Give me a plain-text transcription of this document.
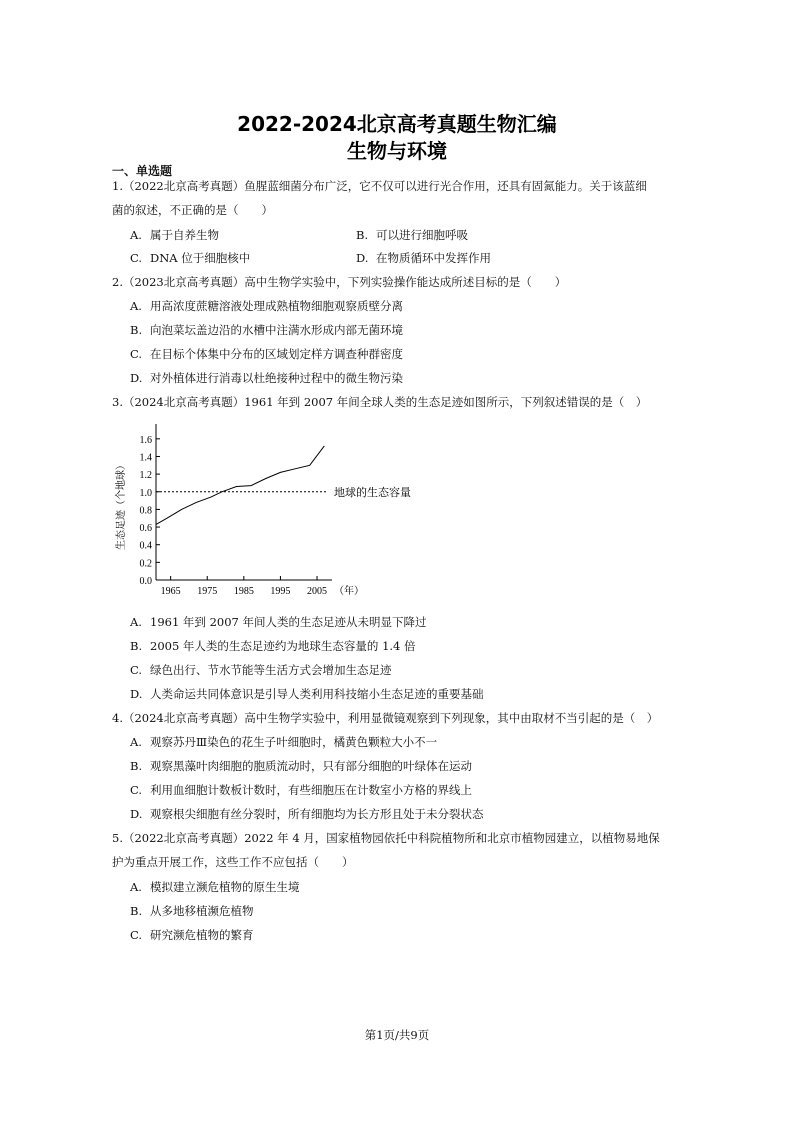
2022-2024北京高考真题生物汇编
生物与环境
一、单选题
1.（2022北京高考真题）鱼腥蓝细菌分布广泛，它不仅可以进行光合作用，还具有固氮能力。关于该蓝细
菌的叙述，不正确的是（　　）
A. 属于自养生物	B. 可以进行细胞呼吸
C. DNA 位于细胞核中	D. 在物质循环中发挥作用
2.（2023北京高考真题）高中生物学实验中，下列实验操作能达成所述目标的是（　　）
A. 用高浓度蔗糖溶液处理成熟植物细胞观察质壁分离
B. 向泡菜坛盖边沿的水槽中注满水形成内部无菌环境
C. 在目标个体集中分布的区域划定样方调查种群密度
D. 对外植体进行消毒以杜绝接种过程中的微生物污染
3.（2024北京高考真题）1961 年到 2007 年间全球人类的生态足迹如图所示，下列叙述错误的是（　）
0.0
0.2
0.4
0.6
0.8
1.0
1.2
1.4
1.6
1965 1975 1985 1995 2005 （年）
生态足迹（个地球）	地球的生态容量
A. 1961 年到 2007 年间人类的生态足迹从未明显下降过
B. 2005 年人类的生态足迹约为地球生态容量的 1.4 倍
C. 绿色出行、节水节能等生活方式会增加生态足迹
D. 人类命运共同体意识是引导人类利用科技缩小生态足迹的重要基础
4.（2024北京高考真题）高中生物学实验中，利用显微镜观察到下列现象，其中由取材不当引起的是（　）
A. 观察苏丹Ⅲ染色的花生子叶细胞时，橘黄色颗粒大小不一
B. 观察黑藻叶肉细胞的胞质流动时，只有部分细胞的叶绿体在运动
C. 利用血细胞计数板计数时，有些细胞压在计数室小方格的界线上
D. 观察根尖细胞有丝分裂时，所有细胞均为长方形且处于未分裂状态
5.（2022北京高考真题）2022 年 4 月，国家植物园依托中科院植物所和北京市植物园建立，以植物易地保
护为重点开展工作，这些工作不应包括（　　）
A. 模拟建立濒危植物的原生生境
B. 从多地移植濒危植物
C. 研究濒危植物的繁育
第1页/共9页
